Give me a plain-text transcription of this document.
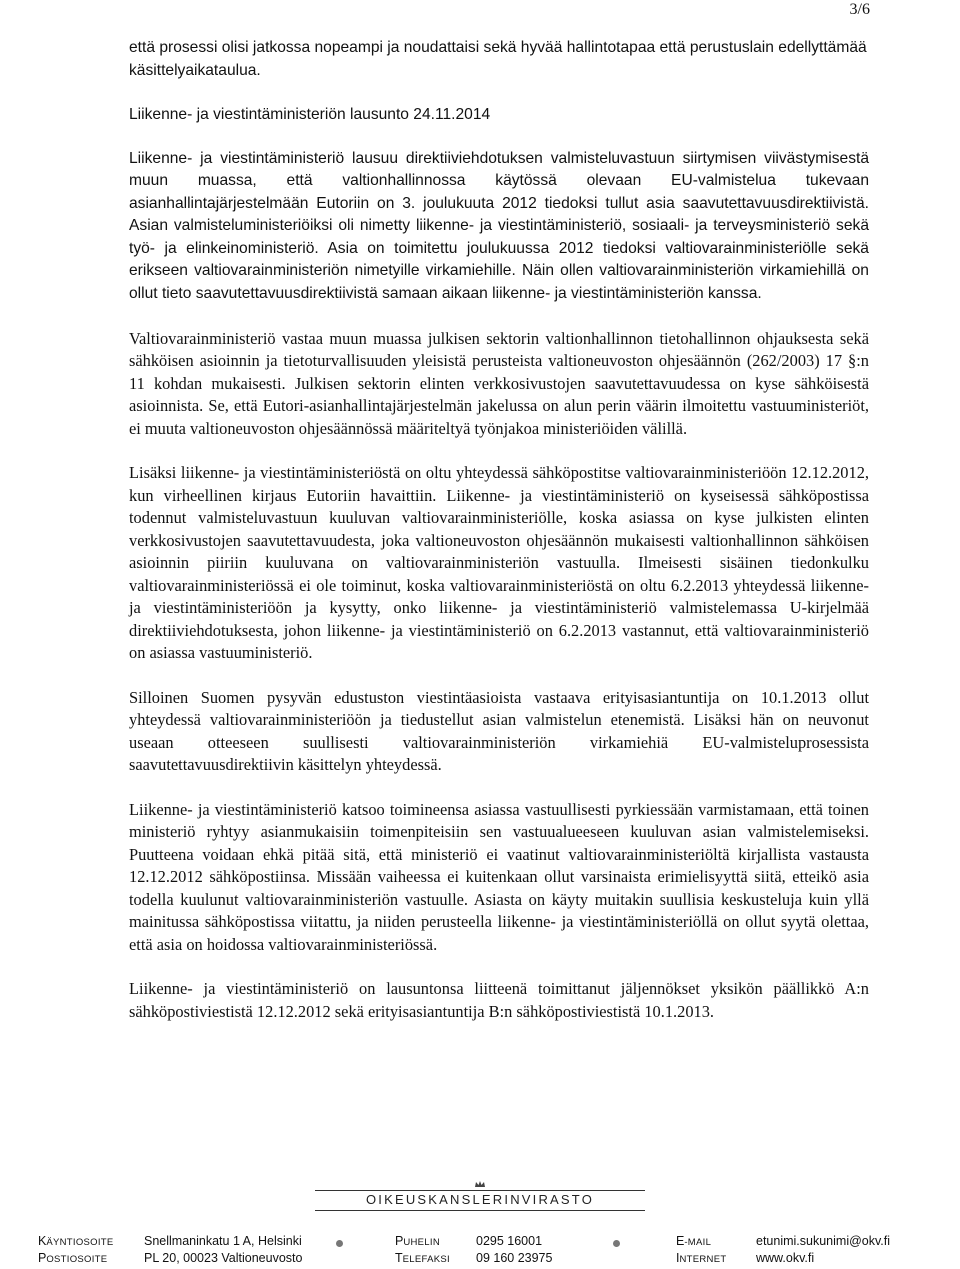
3/6

että prosessi olisi jatkossa nopeampi ja noudattaisi sekä hyvää hallintotapaa että perustuslain edellyttämää käsittelyaikataulua.

Liikenne- ja viestintäministeriön lausunto 24.11.2014

Liikenne- ja viestintäministeriö lausuu direktiiviehdotuksen valmisteluvastuun siirtymisen viivästymisestä muun muassa, että valtionhallinnossa käytössä olevaan EU-valmistelua tukevaan asianhallintajärjestelmään Eutoriin on 3. joulukuuta 2012 tiedoksi tullut asia saavutettavuusdirektiivistä. Asian valmisteluministeriöiksi oli nimetty liikenne- ja viestintäministeriö, sosiaali- ja terveysministeriö sekä työ- ja elinkeinoministeriö. Asia on toimitettu joulukuussa 2012 tiedoksi valtiovarainministeriölle sekä erikseen valtiovarainministeriön nimetyille virkamiehille. Näin ollen valtiovarainministeriön virkamiehillä on ollut tieto saavutettavuusdirektiivistä samaan aikaan liikenne- ja viestintäministeriön kanssa.

Valtiovarainministeriö vastaa muun muassa julkisen sektorin valtionhallinnon tietohallinnon ohjauksesta sekä sähköisen asioinnin ja tietoturvallisuuden yleisistä perusteista valtioneuvoston ohjesäännön (262/2003) 17 §:n 11 kohdan mukaisesti. Julkisen sektorin elinten verkkosivustojen saavutettavuudessa on kyse sähköisestä asioinnista. Se, että Eutori-asianhallintajärjestelmän jakelussa on alun perin väärin ilmoitettu vastuuministeriöt, ei muuta valtioneuvoston ohjesäännössä määriteltyä työnjakoa ministeriöiden välillä.

Lisäksi liikenne- ja viestintäministeriöstä on oltu yhteydessä sähköpostitse valtiovarainministeriöön 12.12.2012, kun virheellinen kirjaus Eutoriin havaittiin. Liikenne- ja viestintäministeriö on kyseisessä sähköpostissa todennut valmisteluvastuun kuuluvan valtiovarainministeriölle, koska asiassa on kyse julkisten elinten verkkosivustojen saavutettavuudesta, joka valtioneuvoston ohjesäännön mukaisesti valtionhallinnon sähköisen asioinnin piiriin kuuluvana on valtiovarainministeriön vastuulla. Ilmeisesti sisäinen tiedonkulku valtiovarainministeriössä ei ole toiminut, koska valtiovarainministeriöstä on oltu 6.2.2013 yhteydessä liikenne- ja viestintäministeriöön ja kysytty, onko liikenne- ja viestintäministeriö valmistelemassa U-kirjelmää direktiiviehdotuksesta, johon liikenne- ja viestintäministeriö on 6.2.2013 vastannut, että valtiovarainministeriö on asiassa vastuuministeriö.

Silloinen Suomen pysyvän edustuston viestintäasioista vastaava erityisasiantuntija on 10.1.2013 ollut yhteydessä valtiovarainministeriöön ja tiedustellut asian valmistelun etenemistä. Lisäksi hän on neuvonut useaan otteeseen suullisesti valtiovarainministeriön virkamiehiä EU-valmisteluprosessista saavutettavuusdirektiivin käsittelyn yhteydessä.

Liikenne- ja viestintäministeriö katsoo toimineensa asiassa vastuullisesti pyrkiessään varmistamaan, että toinen ministeriö ryhtyy asianmukaisiin toimenpiteisiin sen vastuualueeseen kuuluvan asian valmistelemiseksi. Puutteena voidaan ehkä pitää sitä, että ministeriö ei vaatinut valtiovarainministeriöltä kirjallista vastausta 12.12.2012 sähköpostiinsa. Missään vaiheessa ei kuitenkaan ollut varsinaista erimielisyyttä siitä, etteikö asia todella kuulunut valtiovarainministeriön vastuulle. Asiasta on käyty muitakin suullisia keskusteluja kuin yllä mainitussa sähköpostissa viitattu, ja niiden perusteella liikenne- ja viestintäministeriöllä on ollut syytä olettaa, että asia on hoidossa valtiovarainministeriössä.

Liikenne- ja viestintäministeriö on lausuntonsa liitteenä toimittanut jäljennökset yksikön päällikkö A:n sähköpostiviestistä 12.12.2012 sekä erityisasiantuntija B:n sähköpostiviestistä 10.1.2013.

OIKEUSKANSLERINVIRASTO
KÄYNTIOSOITE Snellmaninkatu 1 A, Helsinki	PUHELIN	0295 16001	E-MAIL	etunimi.sukunimi@okv.fi
POSTIOSOITE	PL 20, 00023 Valtioneuvosto	TELEFAKSI 09 160 23975	INTERNET www.okv.fi
